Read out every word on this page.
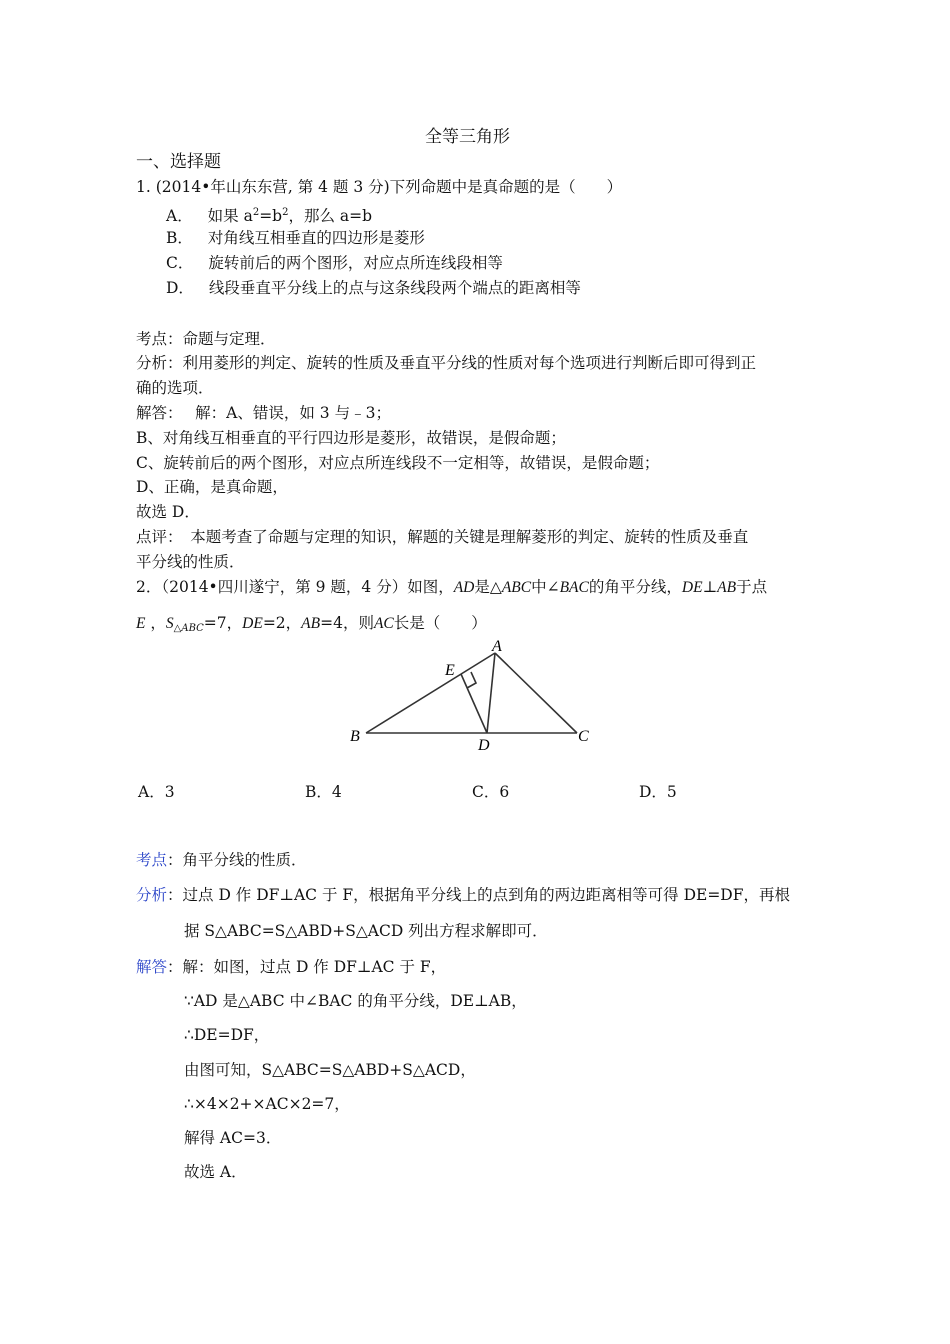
全等三角形
一、选择题
1. (2014•年山东东营, 第 4 题 3 分)下列命题中是真命题的是（　　）
A． 如果 $a^2=b^2$，那么 a=b
B． 对角线互相垂直的四边形是菱形
C． 旋转前后的两个图形，对应点所连线段相等
D． 线段垂直平分线上的点与这条线段两个端点的距离相等
考点：命题与定理．
分析：利用菱形的判定、旋转的性质及垂直平分线的性质对每个选项进行判断后即可得到正
确的选项．
解答：　 解：A、错误，如 3 与﹣3；
B、对角线互相垂直的平行四边形是菱形，故错误，是假命题；
C、旋转前后的两个图形，对应点所连线段不一定相等，故错误，是假命题；
D、正确，是真命题，
故选 D．
点评：　本题考查了命题与定理的知识，解题的关键是理解菱形的判定、旋转的性质及垂直
平分线的性质．
2．（2014•四川遂宁，第 9 题，4 分）如图，AD是△ABC中∠BAC的角平分线，DE⊥AB于点
E ，$S_{\triangle ABC}=7$，DE=2，AB=4，则AC长是（　　）
A
B	C
D
E
A．3	B．4	C．6	D．5
考点：角平分线的性质．
分析：过点 D 作 DF⊥AC 于 F，根据角平分线上的点到角的两边距离相等可得 DE=DF，再根
据 S△ABC=S△ABD+S△ACD 列出方程求解即可．
解答：解：如图，过点 D 作 DF⊥AC 于 F，
∵AD 是△ABC 中∠BAC 的角平分线，DE⊥AB，
∴DE=DF，
由图可知，S△ABC=S△ABD+S△ACD，
∴×4×2+×AC×2=7，
解得 AC=3．
故选 A．
